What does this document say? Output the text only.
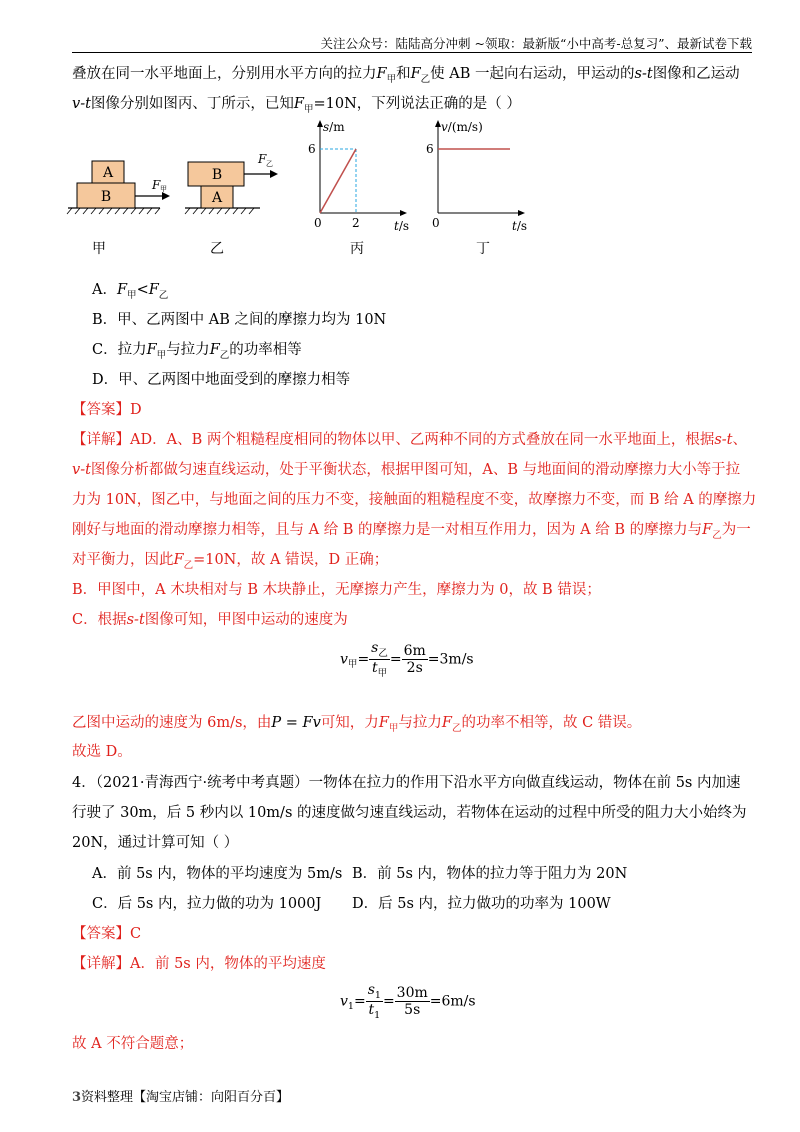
关注公众号：陆陆高分冲刺 ~领取：最新版“小中高考-总复习”、最新试卷下载
叠放在同一水平地面上，分别用水平方向的拉力$F_甲$和$F_乙$使 AB 一起向右运动，甲运动的s-t图像和乙运动
v-t图像分别如图丙、丁所示，已知$F_甲=10N$，下列说法正确的是（ ）
A
B
F 甲
B
A
F 乙
s/m
t/s
6
2
0
v/(m/s)
t/s
6
0
甲	乙	丙	丁
A．$F_甲<F_乙$
B．甲、乙两图中 AB 之间的摩擦力均为 10N
C．拉力$F_甲$与拉力$F_乙$的功率相等
D．甲、乙两图中地面受到的摩擦力相等
【答案】D
【详解】AD．A、B 两个粗糙程度相同的物体以甲、乙两种不同的方式叠放在同一水平地面上，根据s-t、
v-t图像分析都做匀速直线运动，处于平衡状态，根据甲图可知，A、B 与地面间的滑动摩擦力大小等于拉
力为 10N，图乙中，与地面之间的压力不变，接触面的粗糙程度不变，故摩擦力不变，而 B 给 A 的摩擦力
刚好与地面的滑动摩擦力相等，且与 A 给 B 的摩擦力是一对相互作用力，因为 A 给 B 的摩擦力与$F_乙$为一
对平衡力，因此$F_乙=10N$，故 A 错误，D 正确；
B．甲图中，A 木块相对与 B 木块静止，无摩擦力产生，摩擦力为 0，故 B 错误；
C．根据s-t图像可知，甲图中运动的速度为
$v_甲= \frac{s_乙}{t_甲} = \frac{6m}{2s} =3m/s$
乙图中运动的速度为 6m/s，由P = Fv可知，力$F_甲$与拉力$F_乙$的功率不相等，故 C 错误。
故选 D。
4．（2021·青海西宁·统考中考真题）一物体在拉力的作用下沿水平方向做直线运动，物体在前 5s 内加速
行驶了 30m，后 5 秒内以 10m/s 的速度做匀速直线运动，若物体在运动的过程中所受的阻力大小始终为
20N，通过计算可知（ ）
A．前 5s 内，物体的平均速度为 5m/s B．前 5s 内，物体的拉力等于阻力为 20N
C．后 5s 内，拉力做的功为 1000J D．后 5s 内，拉力做功的功率为 100W
【答案】C
【详解】A．前 5s 内，物体的平均速度
$v_1= \frac{s_1}{t_1} = \frac{30m}{5s} =6m/s$
故 A 不符合题意；
3资料整理【淘宝店铺：向阳百分百】
